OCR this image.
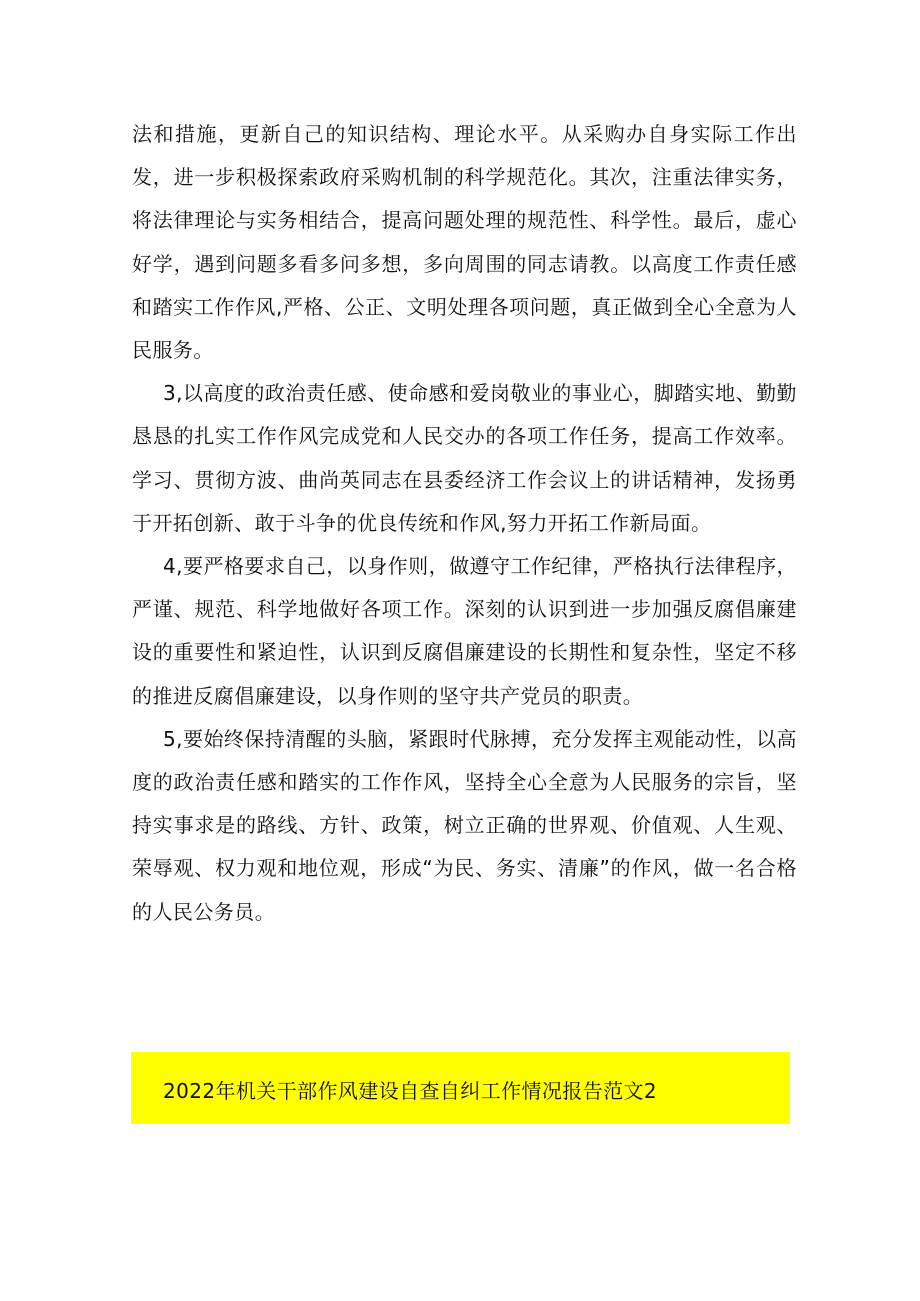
法和措施，更新自己的知识结构、理论水平。从采购办自身实际工作出发，进一步积极探索政府采购机制的科学规范化。其次，注重法律实务，将法律理论与实务相结合，提高问题处理的规范性、科学性。最后，虚心好学，遇到问题多看多问多想，多向周围的同志请教。以高度工作责任感和踏实工作作风,严格、公正、文明处理各项问题，真正做到全心全意为人民服务。

3,以高度的政治责任感、使命感和爱岗敬业的事业心，脚踏实地、勤勤恳恳的扎实工作作风完成党和人民交办的各项工作任务，提高工作效率。学习、贯彻方波、曲尚英同志在县委经济工作会议上的讲话精神，发扬勇于开拓创新、敢于斗争的优良传统和作风,努力开拓工作新局面。

4,要严格要求自己，以身作则，做遵守工作纪律，严格执行法律程序，严谨、规范、科学地做好各项工作。深刻的认识到进一步加强反腐倡廉建设的重要性和紧迫性，认识到反腐倡廉建设的长期性和复杂性，坚定不移的推进反腐倡廉建设，以身作则的坚守共产党员的职责。

5,要始终保持清醒的头脑，紧跟时代脉搏，充分发挥主观能动性，以高度的政治责任感和踏实的工作作风，坚持全心全意为人民服务的宗旨，坚持实事求是的路线、方针、政策，树立正确的世界观、价值观、人生观、荣辱观、权力观和地位观，形成“为民、务实、清廉”的作风，做一名合格的人民公务员。

2022年机关干部作风建设自查自纠工作情况报告范文2
